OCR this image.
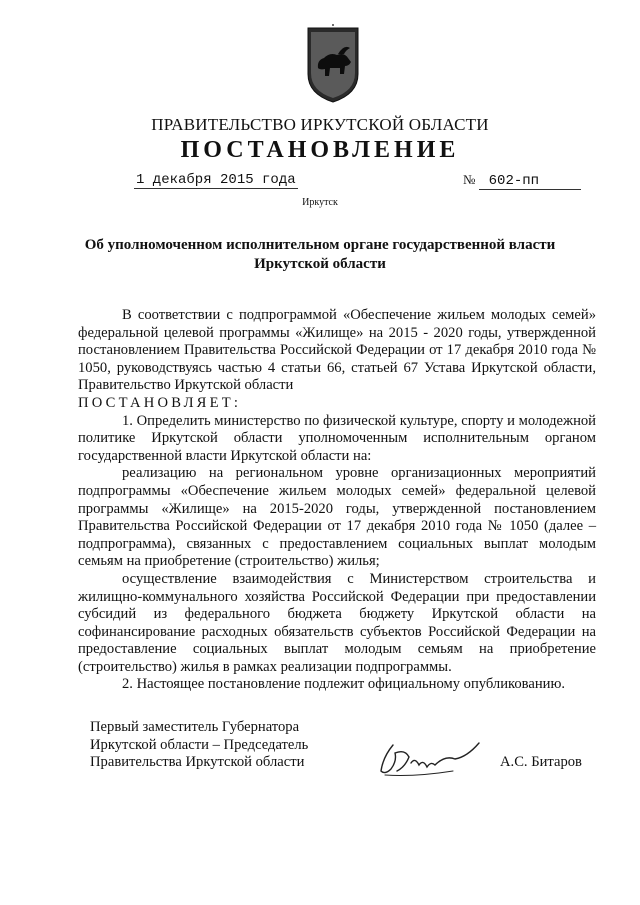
ПРАВИТЕЛЬСТВО ИРКУТСКОЙ ОБЛАСТИ
ПОСТАНОВЛЕНИЕ
1 декабря 2015 года	№ 602-пп
Иркутск
Об уполномоченном исполнительном органе государственной власти
Иркутской области

В соответствии с подпрограммой «Обеспечение жильем молодых семей» федеральной целевой программы «Жилище» на 2015 - 2020 годы, утвержденной постановлением Правительства Российской Федерации от 17 декабря 2010 года № 1050, руководствуясь частью 4 статьи 66, статьей 67 Устава Иркутской области, Правительство Иркутской области

ПОСТАНОВЛЯЕТ:

1. Определить министерство по физической культуре, спорту и молодежной политике Иркутской области уполномоченным исполнительным органом государственной власти Иркутской области на:

реализацию на региональном уровне организационных мероприятий подпрограммы «Обеспечение жильем молодых семей» федеральной целевой программы «Жилище» на 2015-2020 годы, утвержденной постановлением Правительства Российской Федерации от 17 декабря 2010 года № 1050 (далее – подпрограмма), связанных с предоставлением социальных выплат молодым семьям на приобретение (строительство) жилья;

осуществление взаимодействия с Министерством строительства и жилищно-коммунального хозяйства Российской Федерации при предоставлении субсидий из федерального бюджета бюджету Иркутской области на софинансирование расходных обязательств субъектов Российской Федерации на предоставление социальных выплат молодым семьям на приобретение (строительство) жилья в рамках реализации подпрограммы.

2. Настоящее постановление подлежит официальному опубликованию.

Первый заместитель Губернатора
Иркутской области – Председатель
Правительства Иркутской области	А.С. Битаров
